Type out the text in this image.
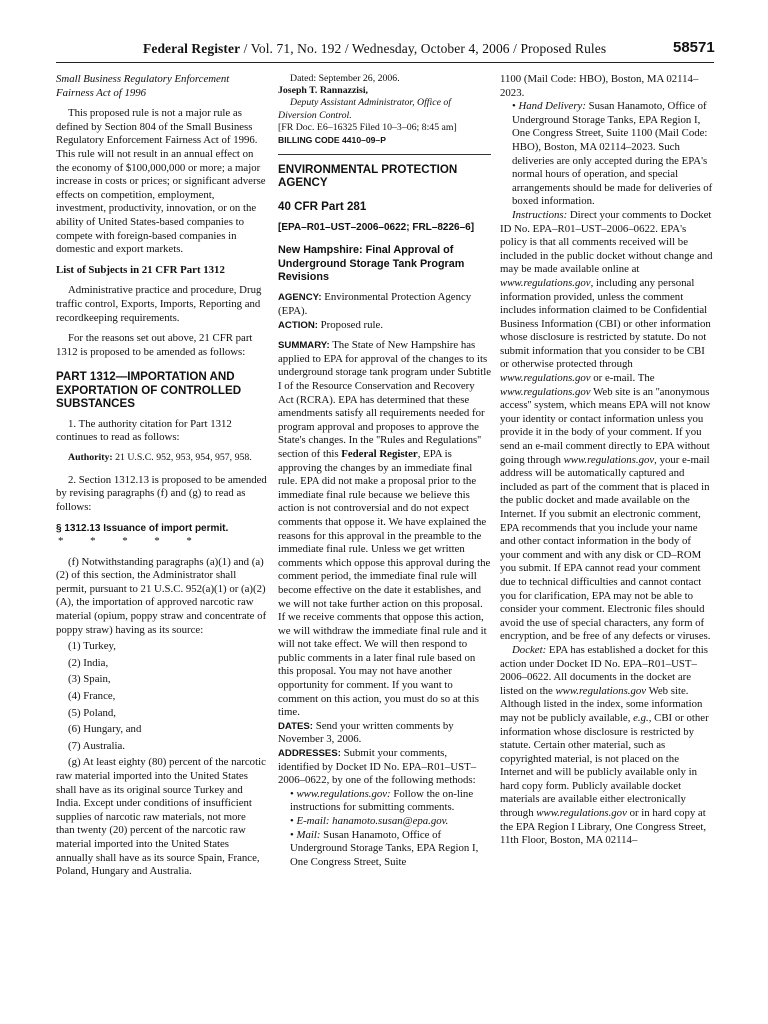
Federal Register / Vol. 71, No. 192 / Wednesday, October 4, 2006 / Proposed Rules	58571

Small Business Regulatory Enforcement Fairness Act of 1996

This proposed rule is not a major rule as defined by Section 804 of the Small Business Regulatory Enforcement Fairness Act of 1996. This rule will not result in an annual effect on the economy of $100,000,000 or more; a major increase in costs or prices; or significant adverse effects on competition, employment, investment, productivity, innovation, or on the ability of United States-based companies to compete with foreign-based companies in domestic and export markets.

List of Subjects in 21 CFR Part 1312

Administrative practice and procedure, Drug traffic control, Exports, Imports, Reporting and recordkeeping requirements.

For the reasons set out above, 21 CFR part 1312 is proposed to be amended as follows:

PART 1312—IMPORTATION AND EXPORTATION OF CONTROLLED SUBSTANCES

1. The authority citation for Part 1312 continues to read as follows:

Authority: 21 U.S.C. 952, 953, 954, 957, 958.

2. Section 1312.13 is proposed to be amended by revising paragraphs (f) and (g) to read as follows:

§ 1312.13 Issuance of import permit.

* * * * *

(f) Notwithstanding paragraphs (a)(1) and (a)(2) of this section, the Administrator shall permit, pursuant to 21 U.S.C. 952(a)(1) or (a)(2)(A), the importation of approved narcotic raw material (opium, poppy straw and concentrate of poppy straw) having as its source:

(1) Turkey,

(2) India,

(3) Spain,

(4) France,

(5) Poland,

(6) Hungary, and

(7) Australia.

(g) At least eighty (80) percent of the narcotic raw material imported into the United States shall have as its original source Turkey and India. Except under conditions of insufficient supplies of narcotic raw materials, not more than twenty (20) percent of the narcotic raw material imported into the United States annually shall have as its source Spain, France, Poland, Hungary and Australia.

Dated: September 26, 2006.

Joseph T. Rannazzisi,

Deputy Assistant Administrator, Office of Diversion Control.

[FR Doc. E6–16325 Filed 10–3–06; 8:45 am]

BILLING CODE 4410–09–P

ENVIRONMENTAL PROTECTION AGENCY

40 CFR Part 281

[EPA–R01–UST–2006–0622; FRL–8226–6]

New Hampshire: Final Approval of Underground Storage Tank Program Revisions

AGENCY: Environmental Protection Agency (EPA).

ACTION: Proposed rule.

SUMMARY: The State of New Hampshire has applied to EPA for approval of the changes to its underground storage tank program under Subtitle I of the Resource Conservation and Recovery Act (RCRA). EPA has determined that these amendments satisfy all requirements needed for program approval and proposes to approve the State's changes. In the ''Rules and Regulations'' section of this Federal Register, EPA is approving the changes by an immediate final rule. EPA did not make a proposal prior to the immediate final rule because we believe this action is not controversial and do not expect comments that oppose it. We have explained the reasons for this approval in the preamble to the immediate final rule. Unless we get written comments which oppose this approval during the comment period, the immediate final rule will become effective on the date it establishes, and we will not take further action on this proposal. If we receive comments that oppose this action, we will withdraw the immediate final rule and it will not take effect. We will then respond to public comments in a later final rule based on this proposal. You may not have another opportunity for comment. If you want to comment on this action, you must do so at this time.

DATES: Send your written comments by November 3, 2006.

ADDRESSES: Submit your comments, identified by Docket ID No. EPA–R01–UST–2006–0622, by one of the following methods:

• www.regulations.gov: Follow the on-line instructions for submitting comments.

• E-mail: hanamoto.susan@epa.gov.

• Mail: Susan Hanamoto, Office of Underground Storage Tanks, EPA Region I, One Congress Street, Suite

1100 (Mail Code: HBO), Boston, MA 02114–2023.

• Hand Delivery: Susan Hanamoto, Office of Underground Storage Tanks, EPA Region I, One Congress Street, Suite 1100 (Mail Code: HBO), Boston, MA 02114–2023. Such deliveries are only accepted during the EPA's normal hours of operation, and special arrangements should be made for deliveries of boxed information.

Instructions: Direct your comments to Docket ID No. EPA–R01–UST–2006–0622. EPA's policy is that all comments received will be included in the public docket without change and may be made available online at www.regulations.gov, including any personal information provided, unless the comment includes information claimed to be Confidential Business Information (CBI) or other information whose disclosure is restricted by statute. Do not submit information that you consider to be CBI or otherwise protected through www.regulations.gov or e-mail. The www.regulations.gov Web site is an ''anonymous access'' system, which means EPA will not know your identity or contact information unless you provide it in the body of your comment. If you send an e-mail comment directly to EPA without going through www.regulations.gov, your e-mail address will be automatically captured and included as part of the comment that is placed in the public docket and made available on the Internet. If you submit an electronic comment, EPA recommends that you include your name and other contact information in the body of your comment and with any disk or CD–ROM you submit. If EPA cannot read your comment due to technical difficulties and cannot contact you for clarification, EPA may not be able to consider your comment. Electronic files should avoid the use of special characters, any form of encryption, and be free of any defects or viruses.

Docket: EPA has established a docket for this action under Docket ID No. EPA–R01–UST–2006–0622. All documents in the docket are listed on the www.regulations.gov Web site. Although listed in the index, some information may not be publicly available, e.g., CBI or other information whose disclosure is restricted by statute. Certain other material, such as copyrighted material, is not placed on the Internet and will be publicly available only in hard copy form. Publicly available docket materials are available either electronically through www.regulations.gov or in hard copy at the EPA Region I Library, One Congress Street, 11th Floor, Boston, MA 02114–
